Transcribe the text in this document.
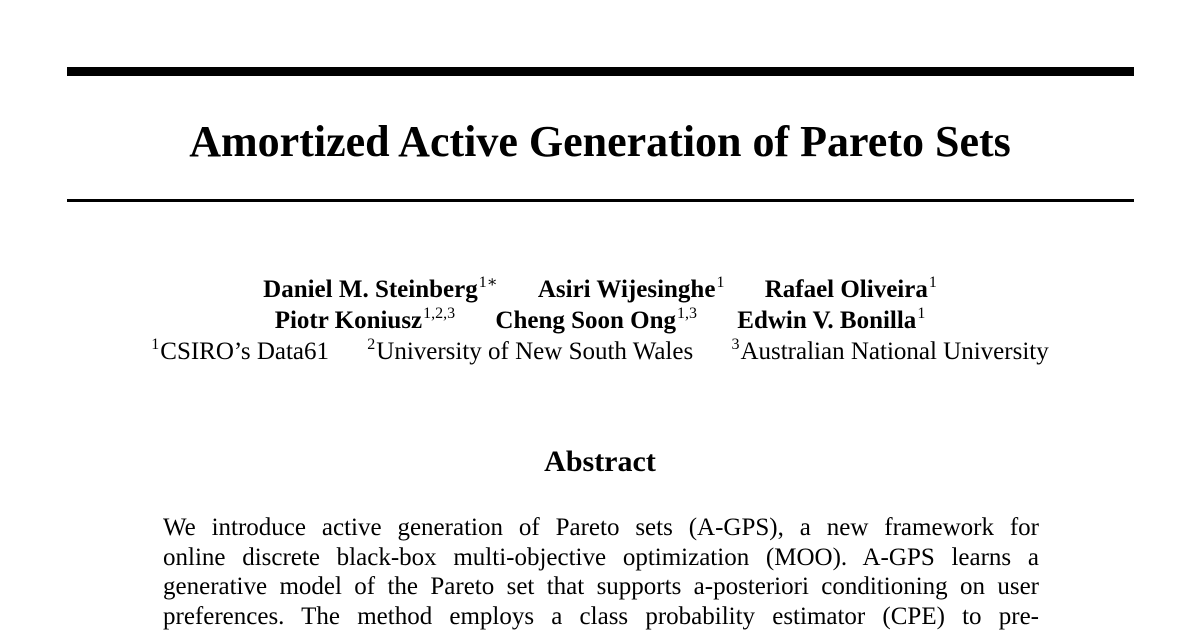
Amortized Active Generation of Pareto Sets
Daniel M. Steinberg$^{1∗}$ Asiri Wijesinghe$^1$ Rafael Oliveira$^1$
Piotr Koniusz$^{1,2,3}$ Cheng Soon Ong$^{1,3}$ Edwin V. Bonilla$^1$
$^1$CSIRO’s Data61 $^2$University of New South Wales $^3$Australian National University
Abstract
We introduce active generation of Pareto sets (A-GPS), a new framework for
online discrete black-box multi-objective optimization (MOO). A-GPS learns a
generative model of the Pareto set that supports a-posteriori conditioning on user
preferences. The method employs a class probability estimator (CPE) to pre-
